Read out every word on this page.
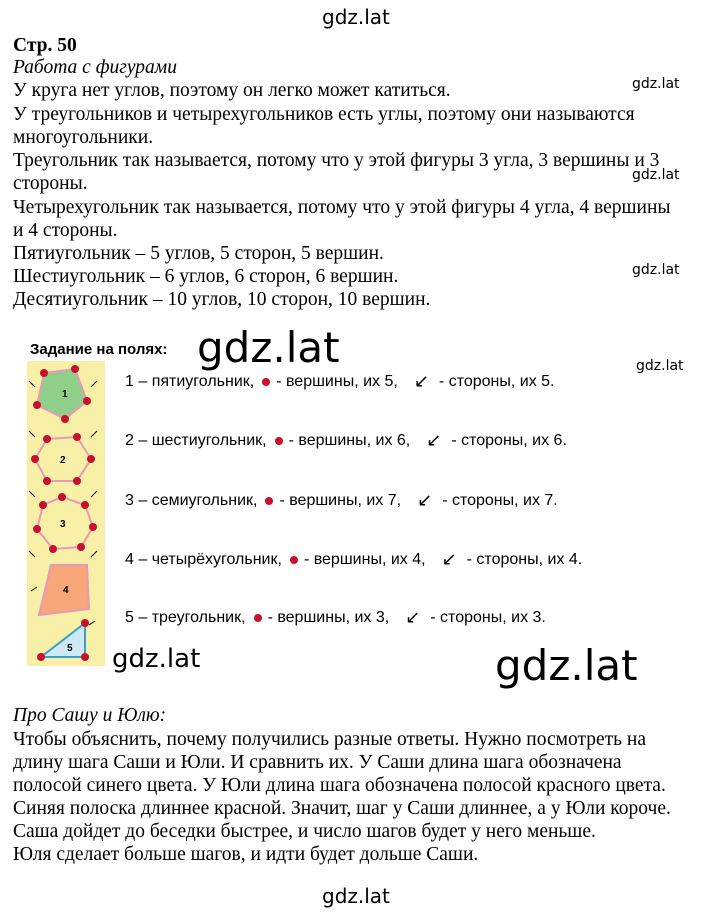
gdz.lat
gdz.lat
gdz.lat
gdz.lat
gdz.lat
gdz.lat
gdz.lat	gdz.lat
gdz.lat
Стр. 50
Работа с фигурами
У круга нет углов, поэтому он легко может катиться.
У треугольников и четырехугольников есть углы, поэтому они называются
многоугольники.
Треугольник так называется, потому что у этой фигуры 3 угла, 3 вершины и 3
стороны.
Четырехугольник так называется, потому что у этой фигуры 4 угла, 4 вершины
и 4 стороны.
Пятиугольник – 5 углов, 5 сторон, 5 вершин.
Шестиугольник – 6 углов, 6 сторон, 6 вершин.
Десятиугольник – 10 углов, 10 сторон, 10 вершин.
Задание на полях:
1
2
3
4
5
1 – пятиугольник, - вершины, их 5, ↙ - стороны, их 5.
2 – шестиугольник, - вершины, их 6, ↙ - стороны, их 6.
3 – семиугольник, - вершины, их 7, ↙ - стороны, их 7.
4 – четырёхугольник, - вершины, их 4, ↙ - стороны, их 4.
5 – треугольник, - вершины, их 3, ↙ - стороны, их 3.
Про Сашу и Юлю:
Чтобы объяснить, почему получились разные ответы. Нужно посмотреть на
длину шага Саши и Юли. И сравнить их. У Саши длина шага обозначена
полосой синего цвета. У Юли длина шага обозначена полосой красного цвета.
Синяя полоска длиннее красной. Значит, шаг у Саши длиннее, а у Юли короче.
Саша дойдет до беседки быстрее, и число шагов будет у него меньше.
Юля сделает больше шагов, и идти будет дольше Саши.
